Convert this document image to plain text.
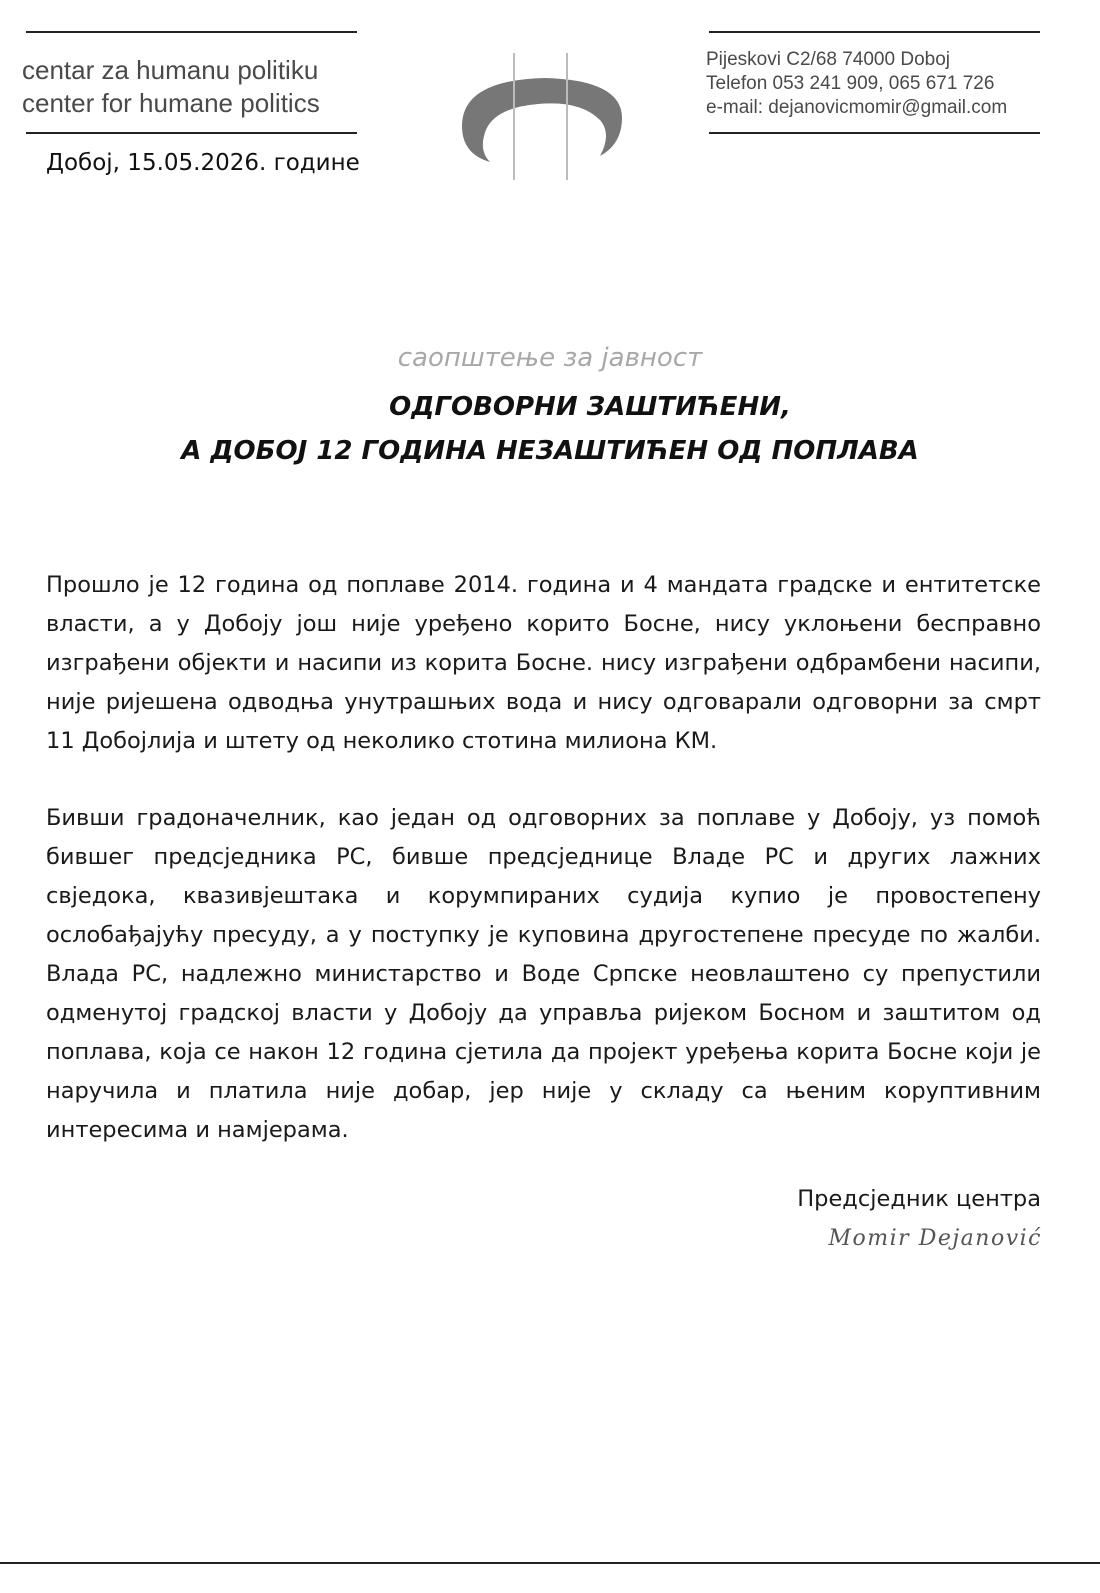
centar za humanu politiku
center for humane politics
Pijeskovi C2/68 74000 Doboj
Telefon 053 241 909, 065 671 726
e-mail: dejanovicmomir@gmail.com
Добој, 15.05.2026. године
саопштење за јавност
ОДГОВОРНИ ЗАШТИЋЕНИ,
А ДОБОЈ 12 ГОДИНА НЕЗАШТИЋЕН ОД ПОПЛАВА
Прошло је 12 година од поплаве 2014. година и 4 мандата градске и ентитетске власти, а у Добоју још није уређено корито Босне, нису уклоњени бесправно изграђени објекти и насипи из корита Босне. нису изграђени одбрамбени насипи, није ријешена одводња унутрашњих вода и нису одговарали одговорни за смрт 11 Добојлија и штету од неколико стотина милиона КМ.
Бивши градоначелник, као један од одговорних за поплаве у Добоју, уз помоћ бившег предсједника РС, бивше предсједнице Владе РС и других лажних свједока, квазивјештака и корумпираних судија купио је провостепену ослобађајућу пресуду, а у поступку је куповина другостепене пресуде по жалби. Влада РС, надлежно министарство и Воде Српске неовлаштено су препустили одменутој градској власти у Добоју да управља ријеком Босном и заштитом од поплава, која се након 12 година сјетила да пројект уређења корита Босне који је наручила и платила није добар, јер није у складу са њеним коруптивним интересима и намјерама.
Предсједник центра
Momir Dejanović
